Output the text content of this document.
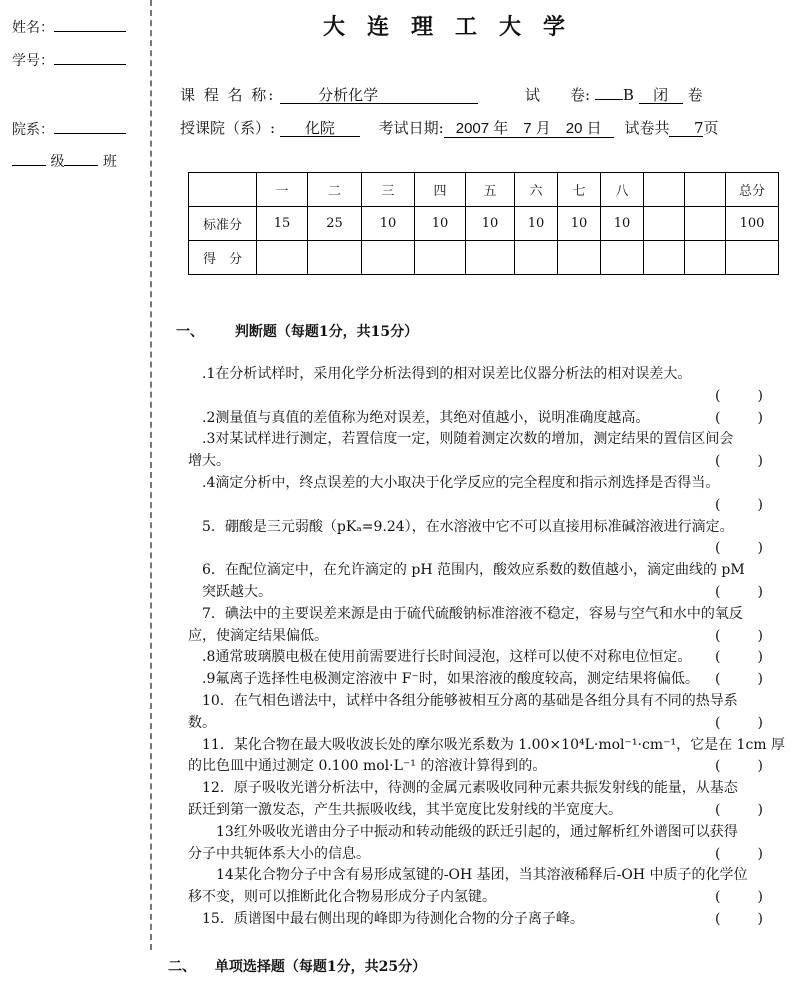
姓名：
学号：
院系：
级	班
大连理工大学
课 程 名 称:	分析化学	试　　卷: B 闭 卷
授课院（系）: 化院	考试日期: 2007 年　7 月　20 日 试卷共 7页
	一	二	三	四	五	六	七	八			总分
标准分	15	25	10	10	10	10	10	10			100
得　分											
一、 判断题（每题1分，共15分）
　.1在分析试样时，采用化学分析法得到的相对误差比仪器分析法的相对误差大。
(	)
(	)
　.2测量值与真值的差值称为绝对误差，其绝对值越小，说明准确度越高。
　.3对某试样进行测定，若置信度一定，则随着测定次数的增加，测定结果的置信区间会
(	)
增大。
　.4滴定分析中，终点误差的大小取决于化学反应的完全程度和指示剂选择是否得当。
(	)
　5．硼酸是三元弱酸（pKₐ=9.24），在水溶液中它不可以直接用标准碱溶液进行滴定。
(	)
　6．在配位滴定中，在允许滴定的 pH 范围内，酸效应系数的数值越小，滴定曲线的 pM
(	)
　突跃越大。
　7．碘法中的主要误差来源是由于硫代硫酸钠标准溶液不稳定，容易与空气和水中的氧反
(	)
应，使滴定结果偏低。
(	)
　.8通常玻璃膜电极在使用前需要进行长时间浸泡，这样可以使不对称电位恒定。
(	)
　.9氟离子选择性电极测定溶液中 F⁻时，如果溶液的酸度较高，测定结果将偏低。
　10．在气相色谱法中，试样中各组分能够被相互分离的基础是各组分具有不同的热导系
(	)
数。
　11．某化合物在最大吸收波长处的摩尔吸光系数为 1.00×10⁴L·mol⁻¹·cm⁻¹，它是在 1cm 厚
(	)
的比色皿中通过测定 0.100 mol·L⁻¹ 的溶液计算得到的。
　12．原子吸收光谱分析法中，待测的金属元素吸收同种元素共振发射线的能量，从基态
(	)
跃迁到第一激发态，产生共振吸收线，其半宽度比发射线的半宽度大。
　　13红外吸收光谱由分子中振动和转动能级的跃迁引起的，通过解析红外谱图可以获得
(	)
分子中共轭体系大小的信息。
　　14某化合物分子中含有易形成氢键的-OH 基团，当其溶液稀释后-OH 中质子的化学位
(	)
移不变，则可以推断此化合物易形成分子内氢键。
(	)
　15．质谱图中最右侧出现的峰即为待测化合物的分子离子峰。
二、 单项选择题（每题1分，共25分）
